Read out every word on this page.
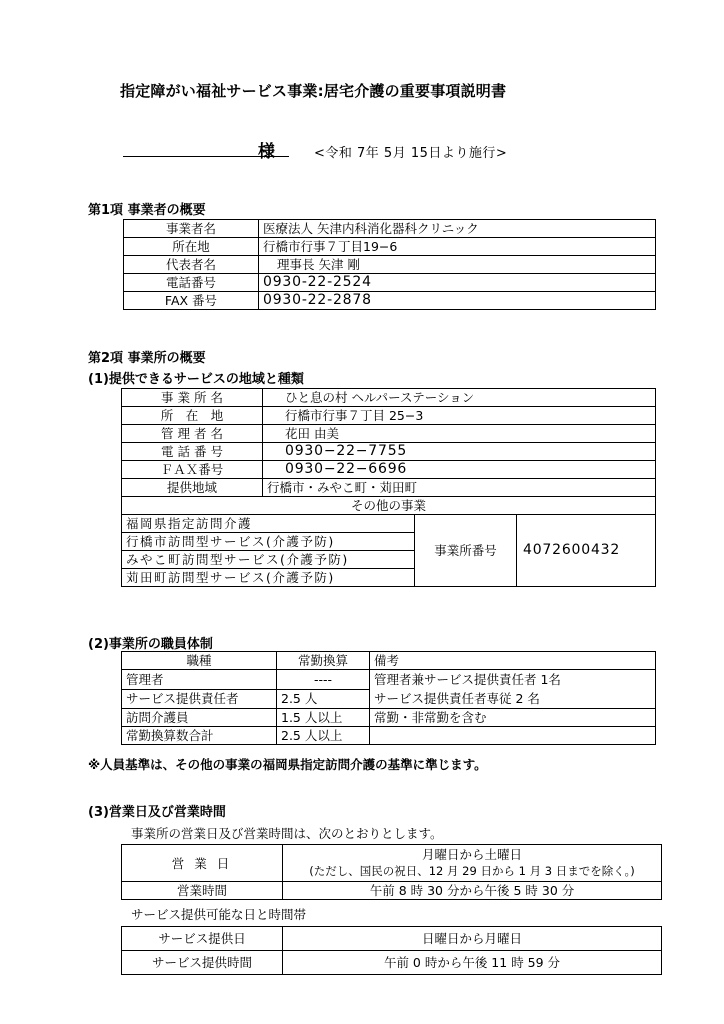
指定障がい福祉サービス事業:居宅介護の重要事項説明書
様	<令和 7年 5月 15日より施行>
第1項 事業者の概要
事業者名	医療法人 矢津内科消化器科クリニック
所在地	行橋市行事７丁目19−6
代表者名	理事長 矢津 剛
電話番号	0930-22-2524
FAX 番号	0930-22-2878
第2項 事業所の概要
(1)提供できるサービスの地域と種類
事 業 所 名	ひと息の村 ヘルパーステーション		
所　在　地	行橋市行事７丁目 25−3		
管 理 者 名	花田 由美		
電 話 番 号	0930−22−7755		
ＦＡＸ番号	0930−22−6696		
提供地域	行橋市・みやこ町・苅田町		
その他の事業			
福岡県指定訪問介護		事業所番号	4072600432
行橋市訪問型サービス(介護予防)			
みやこ町訪問型サービス(介護予防)			
苅田町訪問型サービス(介護予防)			
(2)事業所の職員体制
職種	常勤換算	備考
管理者	----	管理者兼サービス提供責任者 1名
サービス提供責任者専従 2 名

サービス提供責任者	2.5 人	
訪問介護員	1.5 人以上	常勤・非常勤を含む
常勤換算数合計	2.5 人以上	
※人員基準は、その他の事業の福岡県指定訪問介護の基準に準じます。
(3)営業日及び営業時間
事業所の営業日及び営業時間は、次のとおりとします。
営 業 日	月曜日から土曜日
(ただし、国民の祝日、12 月 29 日から 1 月 3 日までを除く。)

営業時間	午前 8 時 30 分から午後 5 時 30 分
サービス提供可能な日と時間帯
サービス提供日	日曜日から月曜日
サービス提供時間	午前 0 時から午後 11 時 59 分
